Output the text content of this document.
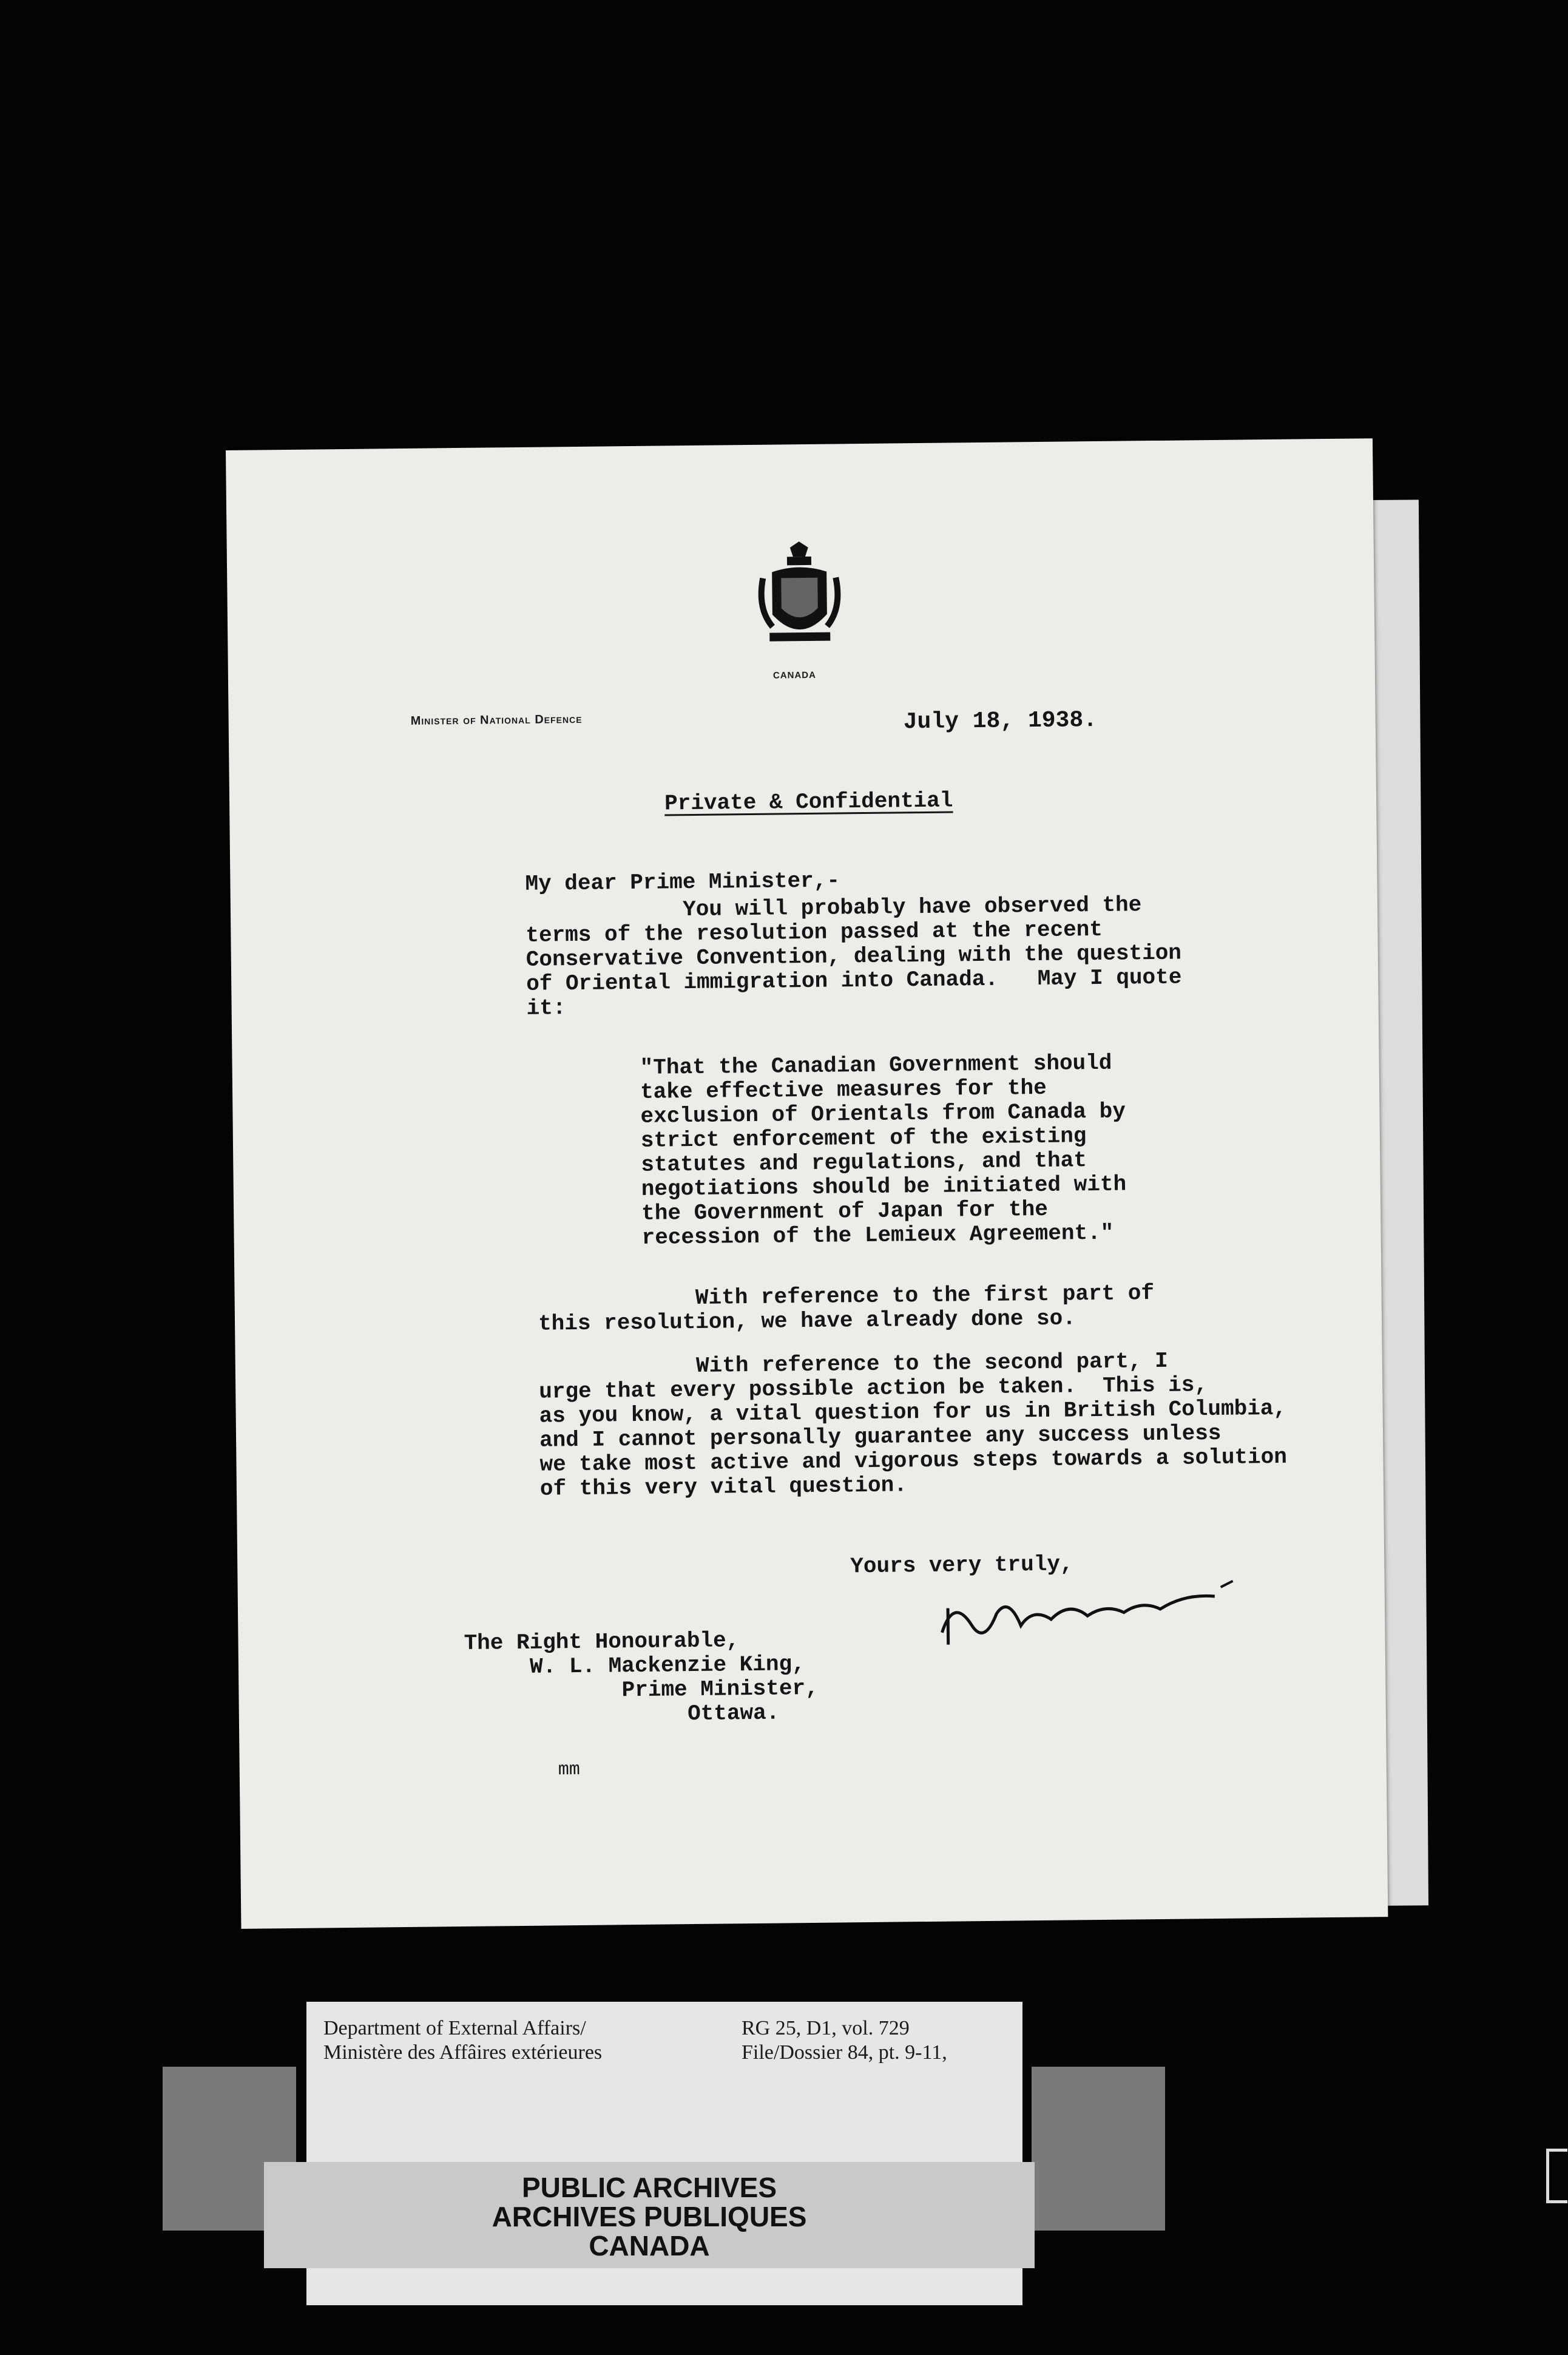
CANADA
Minister of National Defence	July 18, 1938.
Private & Confidential
My dear Prime Minister,-
You will probably have observed the
terms of the resolution passed at the recent
Conservative Convention, dealing with the question
of Oriental immigration into Canada.   May I quote
it:
"That the Canadian Government should
take effective measures for the
exclusion of Orientals from Canada by
strict enforcement of the existing
statutes and regulations, and that
negotiations should be initiated with
the Government of Japan for the
recession of the Lemieux Agreement."
With reference to the first part of
this resolution, we have already done so.
With reference to the second part, I
urge that every possible action be taken.  This is,
as you know, a vital question for us in British Columbia,
and I cannot personally guarantee any success unless
we take most active and vigorous steps towards a solution
of this very vital question.
Yours very truly,
The Right Honourable,
W. L. Mackenzie King,
Prime Minister,
Ottawa.
mm
Department of External Affairs/
Ministère des Affâires extérieures
RG 25, D1, vol. 729
File/Dossier 84, pt. 9-11,
PUBLIC ARCHIVES
ARCHIVES PUBLIQUES
CANADA
